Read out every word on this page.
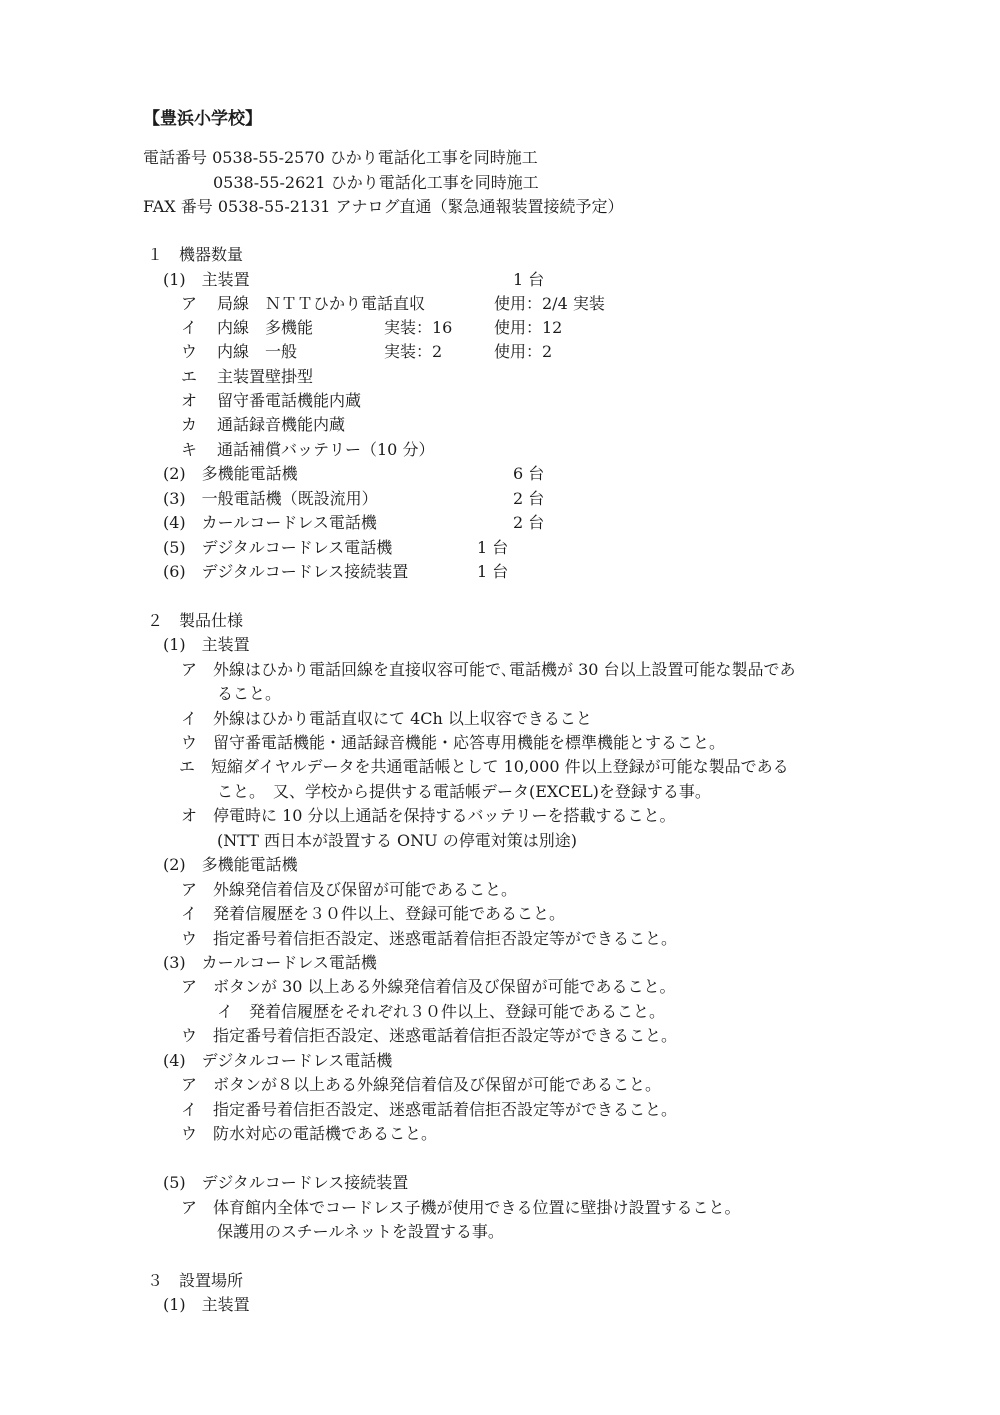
【豊浜小学校】
電話番号 0538-55-2570 ひかり電話化工事を同時施工
0538-55-2621 ひかり電話化工事を同時施工
FAX 番号 0538-55-2131 アナログ直通（緊急通報装置接続予定）
１　機器数量
(1)　主装置	1 台
ア 局線　ＮＴＴひかり電話直収	使用：2/4 実装
イ 内線　多機能	実装：16	使用：12
ウ 内線　一般	実装：2	使用：2
エ 主装置壁掛型
オ 留守番電話機能内蔵
カ 通話録音機能内蔵
キ 通話補償バッテリー（10 分）
(2)　多機能電話機	6 台
(3)　一般電話機（既設流用）	2 台
(4)　カールコードレス電話機	2 台
(5)　デジタルコードレス電話機	1 台
(6)　デジタルコードレス接続装置	1 台
２　製品仕様
(1)　主装置
ア　外線はひかり電話回線を直接収容可能で､電話機が 30 台以上設置可能な製品であ
ること。
イ　外線はひかり電話直収にて 4Ch 以上収容できること
ウ　留守番電話機能・通話録音機能・応答専用機能を標準機能とすること。
エ　短縮ダイヤルデータを共通電話帳として 10,000 件以上登録が可能な製品である
こと。　又、学校から提供する電話帳データ(EXCEL)を登録する事。
オ　停電時に 10 分以上通話を保持するバッテリーを搭載すること。
(NTT 西日本が設置する ONU の停電対策は別途)
(2)　多機能電話機
ア　外線発信着信及び保留が可能であること。
イ　発着信履歴を３０件以上、登録可能であること。
ウ　指定番号着信拒否設定、迷惑電話着信拒否設定等ができること。
(3)　カールコードレス電話機
ア　ボタンが 30 以上ある外線発信着信及び保留が可能であること。
イ　発着信履歴をそれぞれ３０件以上、登録可能であること。
ウ　指定番号着信拒否設定、迷惑電話着信拒否設定等ができること。
(4)　デジタルコードレス電話機
ア　ボタンが８以上ある外線発信着信及び保留が可能であること。
イ　指定番号着信拒否設定、迷惑電話着信拒否設定等ができること。
ウ　防水対応の電話機であること。
(5)　デジタルコードレス接続装置
ア　体育館内全体でコードレス子機が使用できる位置に壁掛け設置すること。
保護用のスチールネットを設置する事。
３　設置場所
(1)　主装置
